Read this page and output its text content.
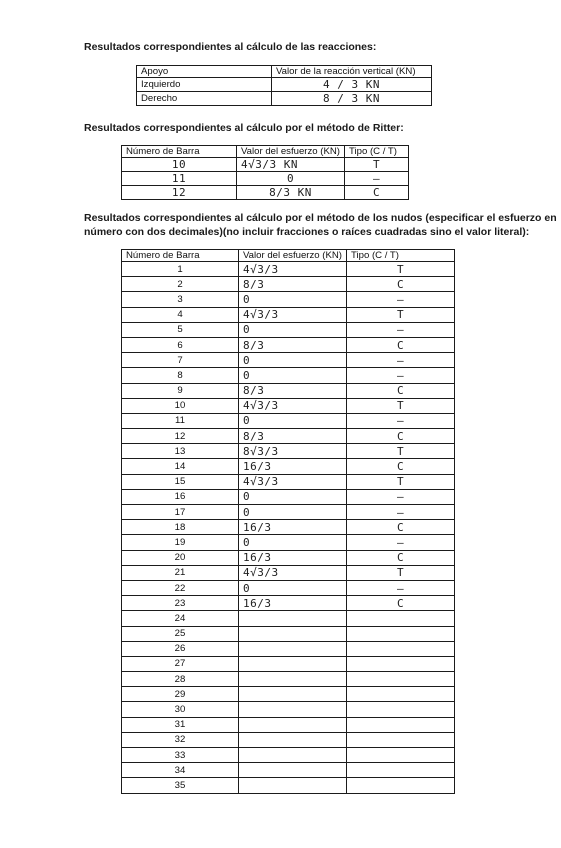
Resultados correspondientes al cálculo de las reacciones:
Apoyo	Valor de la reacción vertical (KN)
Izquierdo	4 / 3 KN
Derecho	8 / 3 KN
Resultados correspondientes al cálculo por el método de Ritter:
Número de Barra	Valor del esfuerzo (KN)	Tipo (C / T)
10	4√3/3 KN	T
11	0	—
12	8/3 KN	C
Resultados correspondientes al cálculo por el método de los nudos (especificar el esfuerzo en
número con dos decimales)(no incluir fracciones o raíces cuadradas sino el valor literal):
Número de Barra	Valor del esfuerzo (KN)	Tipo (C / T)
1	4√3/3	T
2	8/3	C
3	0	—
4	4√3/3	T
5	0	—
6	8/3	C
7	0	—
8	0	—
9	8/3	C
10	4√3/3	T
11	0	—
12	8/3	C
13	8√3/3	T
14	16/3	C
15	4√3/3	T
16	0	—
17	0	—
18	16/3	C
19	0	—
20	16/3	C
21	4√3/3	T
22	0	—
23	16/3	C
24		
25		
26		
27		
28		
29		
30		
31		
32		
33		
34		
35		
